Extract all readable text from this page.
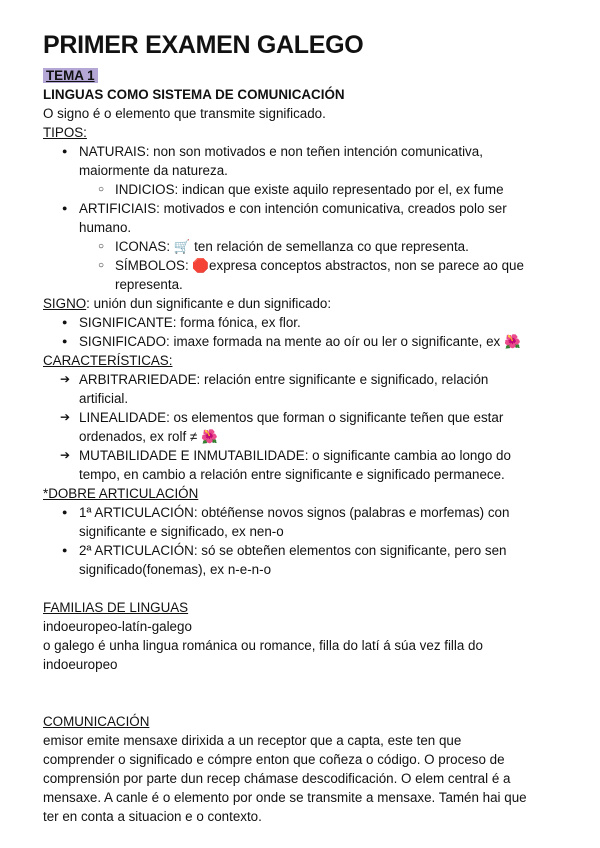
PRIMER EXAMEN GALEGO
TEMA 1
LINGUAS COMO SISTEMA DE COMUNICACIÓN
O signo é o elemento que transmite significado.
TIPOS:
● NATURAIS: non son motivados e non teñen intención comunicativa,
maiormente da natureza.
○ INDICIOS: indican que existe aquilo representado por el, ex fume
● ARTIFICIAIS: motivados e con intención comunicativa, creados polo ser
humano.
○ ICONAS: 🛒 ten relación de semellanza co que representa.
○ SÍMBOLOS: 🛑expresa conceptos abstractos, non se parece ao que
representa.
SIGNO: unión dun significante e dun significado:
● SIGNIFICANTE: forma fónica, ex flor.
● SIGNIFICADO: imaxe formada na mente ao oír ou ler o significante, ex 🌺
CARACTERÍSTICAS:
➔ ARBITRARIEDADE: relación entre significante e significado, relación
artificial.
➔ LINEALIDADE: os elementos que forman o significante teñen que estar
ordenados, ex rolf ≠ 🌺
➔ MUTABILIDADE E INMUTABILIDADE: o significante cambia ao longo do
tempo, en cambio a relación entre significante e significado permanece.
*DOBRE ARTICULACIÓN
● 1ª ARTICULACIÓN: obtéñense novos signos (palabras e morfemas) con
significante e significado, ex nen-o
● 2ª ARTICULACIÓN: só se obteñen elementos con significante, pero sen
significado(fonemas), ex n-e-n-o
FAMILIAS DE LINGUAS
indoeuropeo-latín-galego
o galego é unha lingua románica ou romance, filla do latí á súa vez filla do
indoeuropeo
COMUNICACIÓN
emisor emite mensaxe dirixida a un receptor que a capta, este ten que
comprender o significado e cómpre enton que coñeza o código. O proceso de
comprensión por parte dun recep chámase descodificación. O elem central é a
mensaxe. A canle é o elemento por onde se transmite a mensaxe. Tamén hai que
ter en conta a situacion e o contexto.
